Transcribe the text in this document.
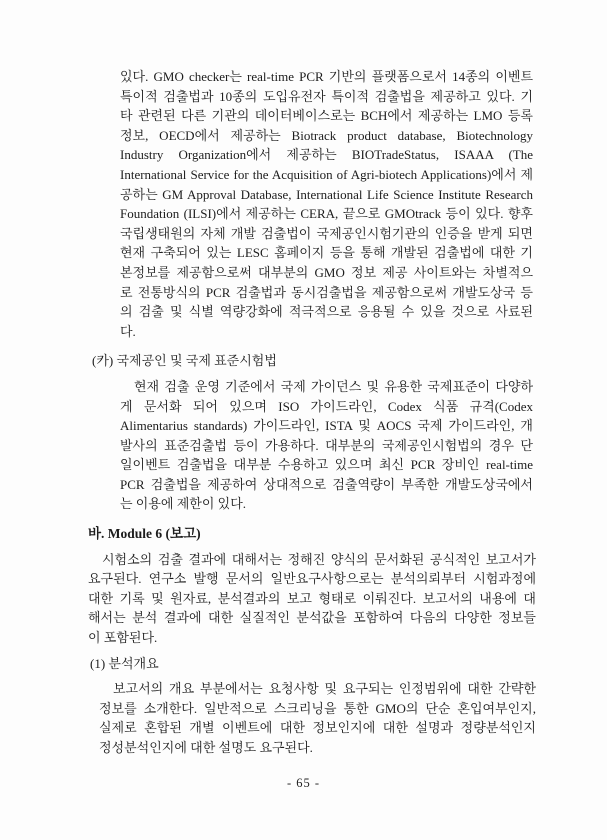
있다. GMO checker는 real-time PCR 기반의 플랫폼으로서 14종의 이벤트
특이적 검출법과 10종의 도입유전자 특이적 검출법을 제공하고 있다. 기
타 관련된 다른 기관의 데이터베이스로는 BCH에서 제공하는 LMO 등록
정보, OECD에서 제공하는 Biotrack product database, Biotechnology
Industry Organization에서 제공하는 BIOTradeStatus, ISAAA (The
International Service for the Acquisition of Agri-biotech Applications)에서 제
공하는 GM Approval Database, International Life Science Institute Research
Foundation (ILSI)에서 제공하는 CERA, 끝으로 GMOtrack 등이 있다. 향후
국립생태원의 자체 개발 검출법이 국제공인시험기관의 인증을 받게 되면
현재 구축되어 있는 LESC 홈페이지 등을 통해 개발된 검출법에 대한 기
본정보를 제공함으로써 대부분의 GMO 정보 제공 사이트와는 차별적으
로 전통방식의 PCR 검출법과 동시검출법을 제공함으로써 개발도상국 등
의 검출 및 식별 역량강화에 적극적으로 응용될 수 있을 것으로 사료된
다.
(카) 국제공인 및 국제 표준시험법
현재 검출 운영 기준에서 국제 가이던스 및 유용한 국제표준이 다양하
게 문서화 되어 있으며 ISO 가이드라인, Codex 식품 규격(Codex
Alimentarius standards) 가이드라인, ISTA 및 AOCS 국제 가이드라인, 개
발사의 표준검출법 등이 가용하다. 대부분의 국제공인시험법의 경우 단
일이벤트 검출법을 대부분 수용하고 있으며 최신 PCR 장비인 real-time
PCR 검출법을 제공하여 상대적으로 검출역량이 부족한 개발도상국에서
는 이용에 제한이 있다.
바. Module 6 (보고)
시험소의 검출 결과에 대해서는 정해진 양식의 문서화된 공식적인 보고서가
요구된다. 연구소 발행 문서의 일반요구사항으로는 분석의뢰부터 시험과정에
대한 기록 및 원자료, 분석결과의 보고 형태로 이뤄진다. 보고서의 내용에 대
해서는 분석 결과에 대한 실질적인 분석값을 포함하여 다음의 다양한 정보들
이 포함된다.
(1) 분석개요
보고서의 개요 부분에서는 요청사항 및 요구되는 인정범위에 대한 간략한
정보를 소개한다. 일반적으로 스크리닝을 통한 GMO의 단순 혼입여부인지,
실제로 혼합된 개별 이벤트에 대한 정보인지에 대한 설명과 정량분석인지
정성분석인지에 대한 설명도 요구된다.
- 65 -
